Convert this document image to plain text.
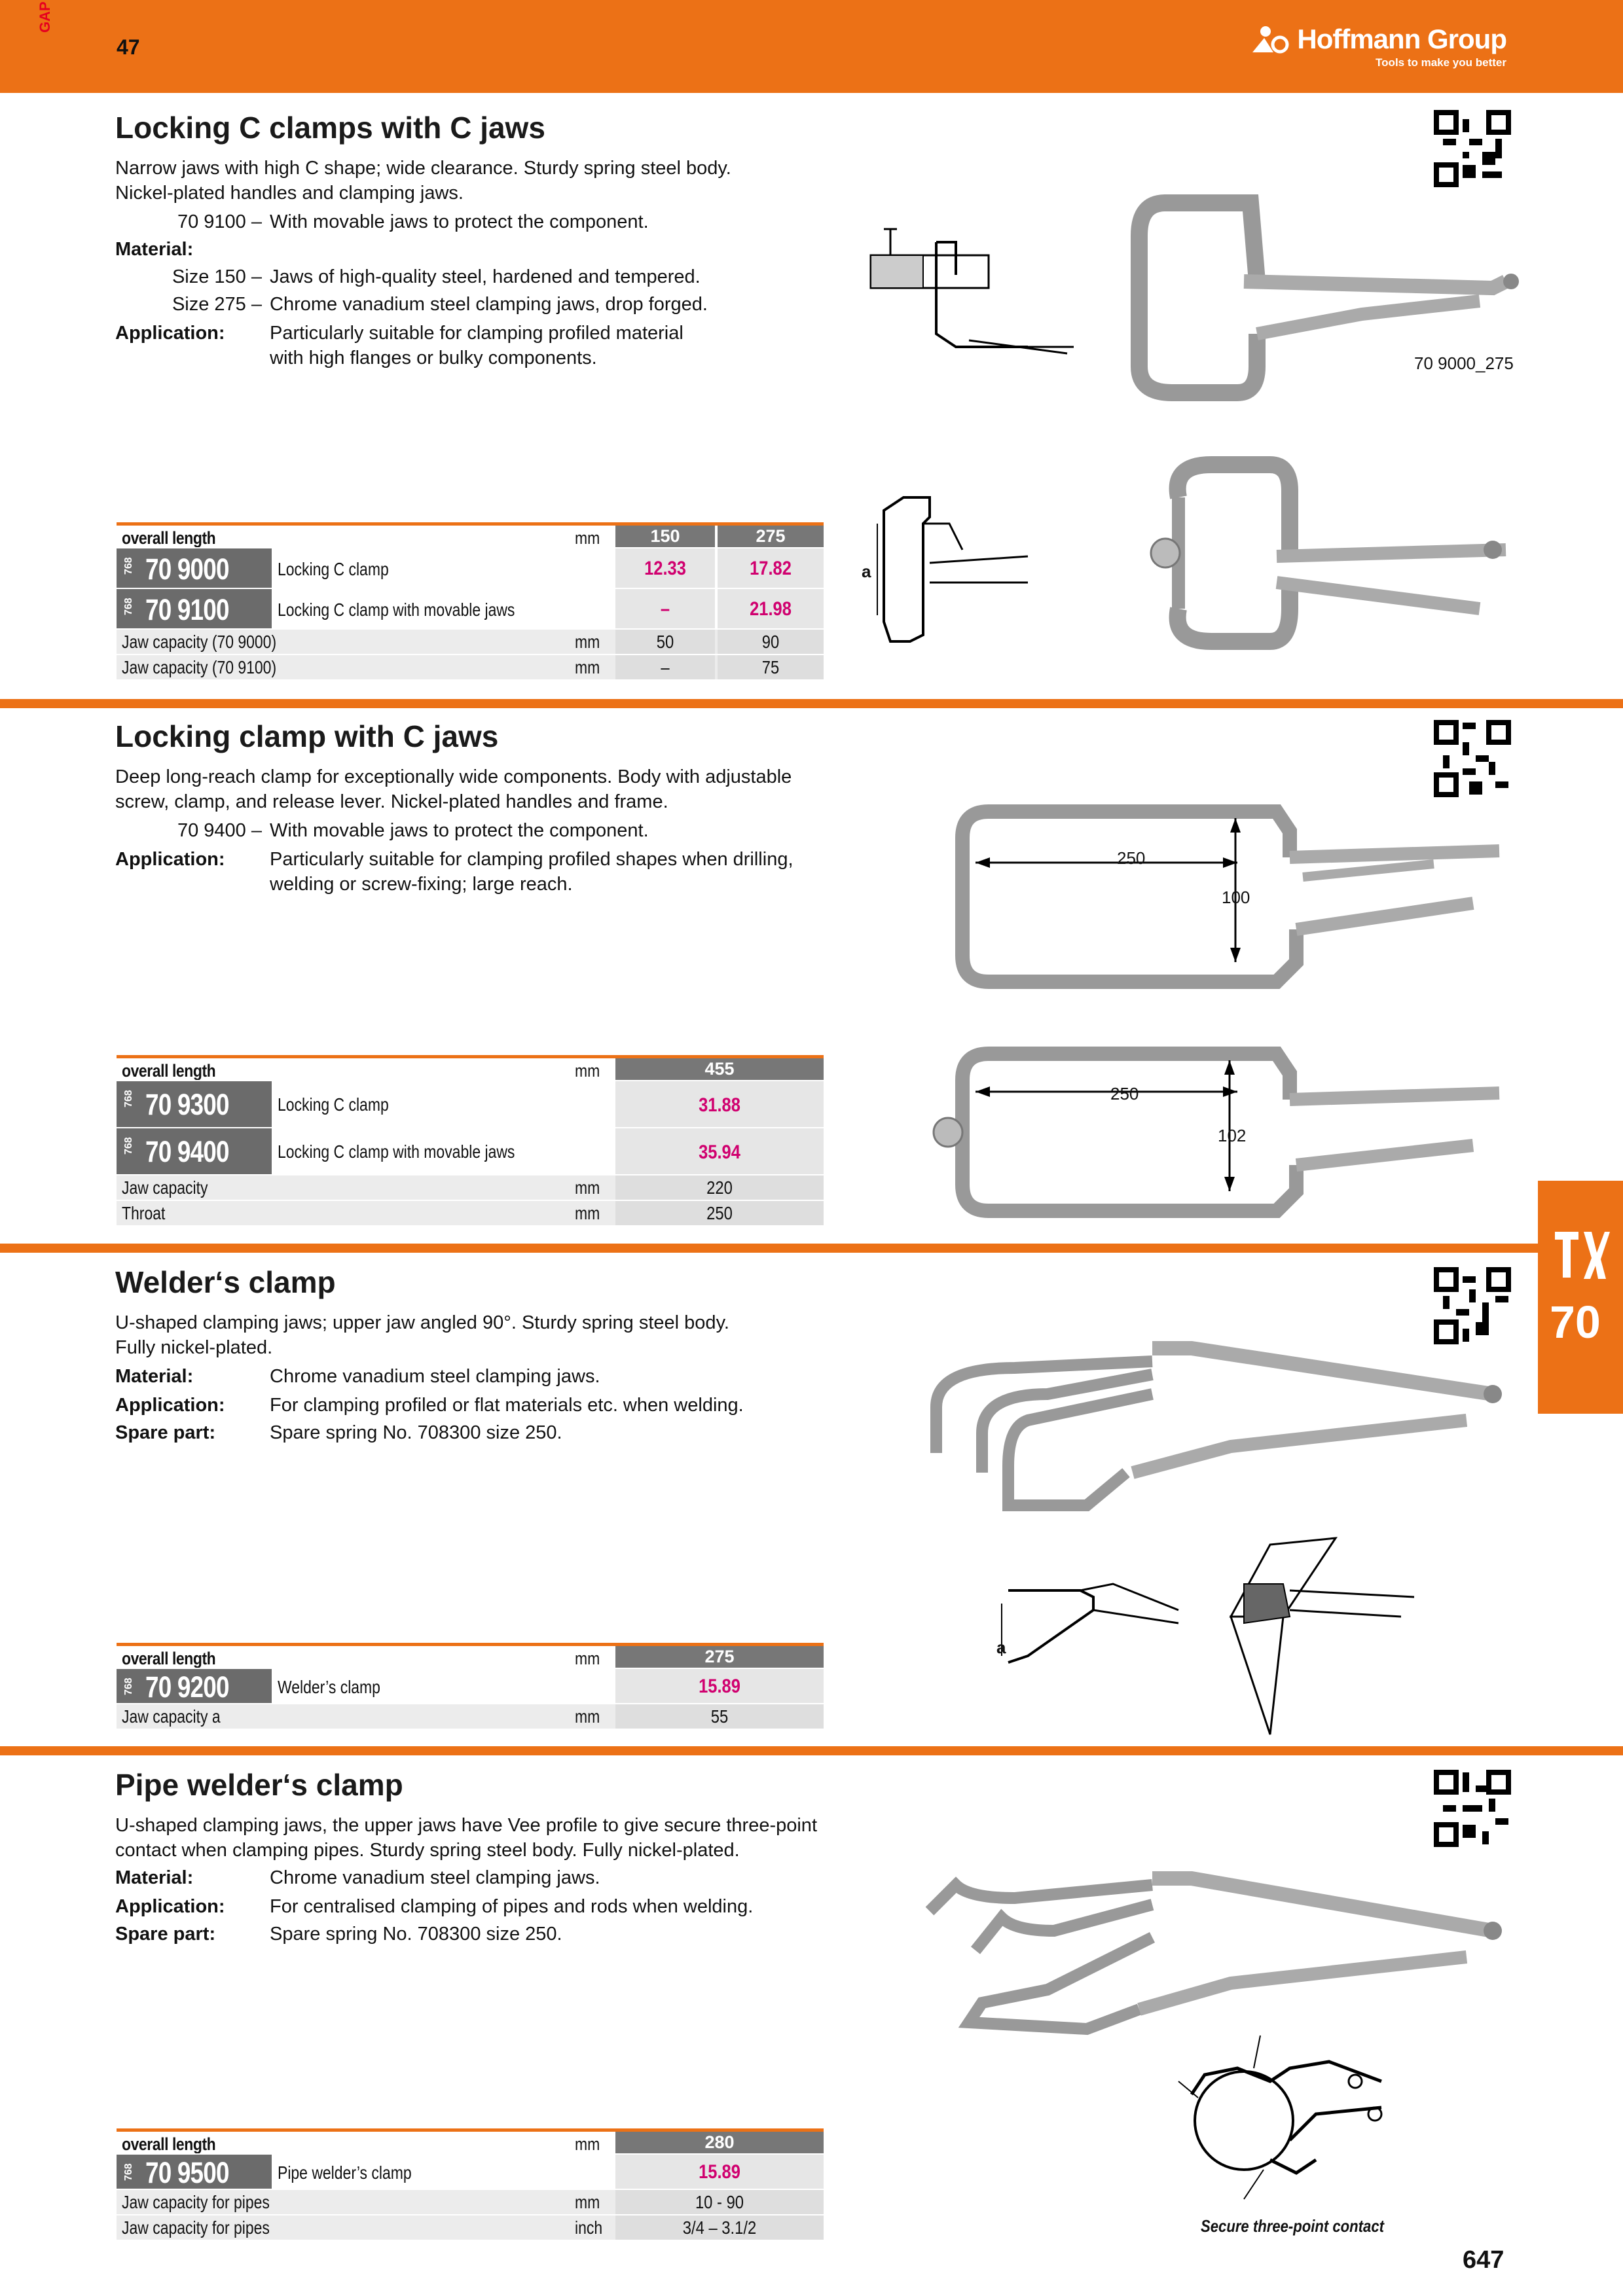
GAP
47	Hoffmann Group
Tools to make you better
Locking C clamps with C jaws
Narrow jaws with high C shape; wide clearance. Sturdy spring steel body.
Nickel-plated handles and clamping jaws.
70 9100 – With movable jaws to protect the component.
Material:
Size 150 – Jaws of high-quality steel, hardened and tempered.
Size 275 – Chrome vanadium steel clamping jaws, drop forged.
Application:	Particularly suitable for clamping profiled material
with high flanges or bulky components.	70 9000_275
a
overall length	mm	150	275
768 70 9000	Locking C clamp	12.33	17.82
768 70 9100	Locking C clamp with movable jaws	–	21.98
Jaw capacity (70 9000)	mm	50	90
Jaw capacity (70 9100)	mm	–	75
Locking clamp with C jaws
Deep long-reach clamp for exceptionally wide components. Body with adjustable
screw, clamp, and release lever. Nickel-plated handles and frame.
70 9400 – With movable jaws to protect the component.
Application:	Particularly suitable for clamping profiled shapes when drilling,
welding or screw-fixing; large reach.
250
100
250
102
overall length	mm	455
768 70 9300	Locking C clamp	31.88
768 70 9400	Locking C clamp with movable jaws	35.94
Jaw capacity	mm	220
Throat	mm	250
70
Welder‘s clamp
U-shaped clamping jaws; upper jaw angled 90°. Sturdy spring steel body.
Fully nickel-plated.
Material:	Chrome vanadium steel clamping jaws.
Application:	For clamping profiled or flat materials etc. when welding.
Spare part:	Spare spring No. 708300 size 250.
a
overall length	mm	275
768 70 9200	Welder’s clamp	15.89
Jaw capacity a	mm	55
Pipe welder‘s clamp
U-shaped clamping jaws, the upper jaws have Vee profile to give secure three-point
contact when clamping pipes. Sturdy spring steel body. Fully nickel-plated.
Material:	Chrome vanadium steel clamping jaws.
Application:	For centralised clamping of pipes and rods when welding.
Spare part:	Spare spring No. 708300 size 250.
Secure three-point contact
overall length	mm	280
768 70 9500	Pipe welder’s clamp	15.89
Jaw capacity for pipes	mm	10 - 90
Jaw capacity for pipes	inch	3/4 – 3.1/2
647
